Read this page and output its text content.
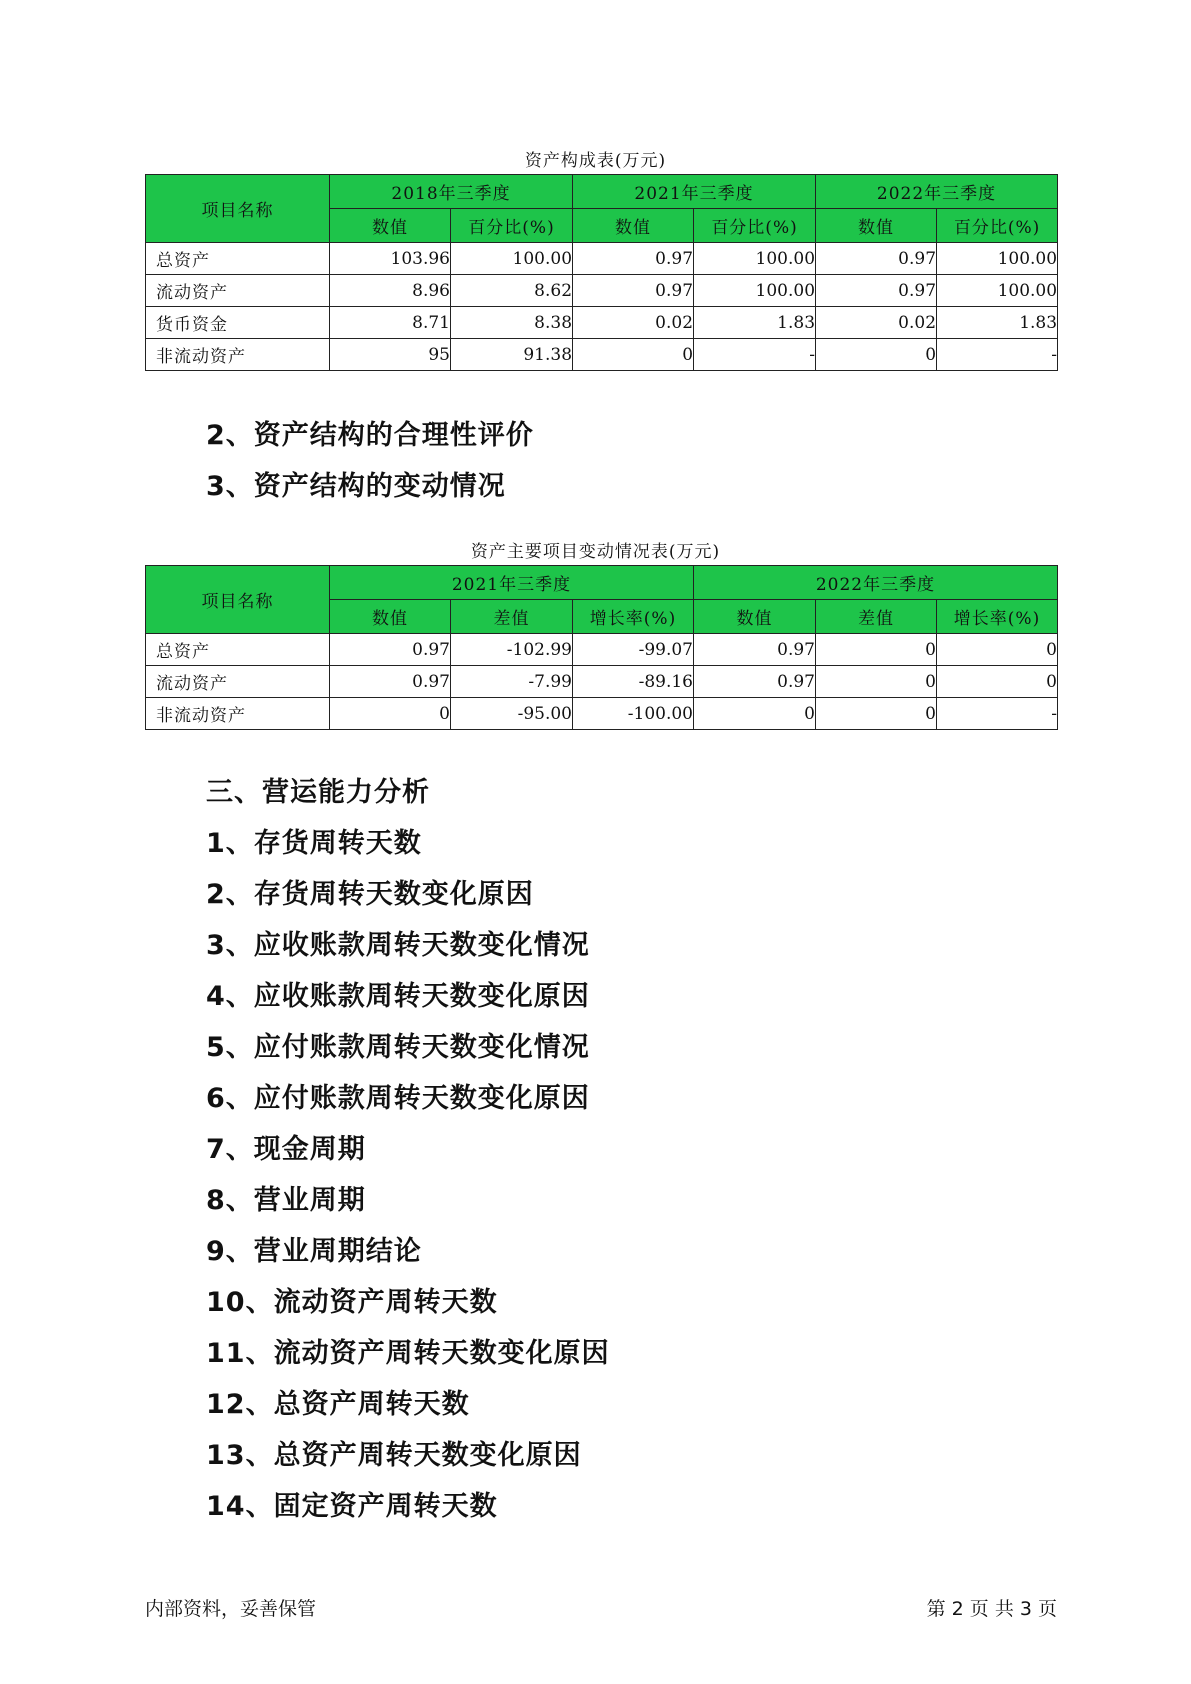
资产构成表(万元)
项目名称	2018年三季度		2021年三季度		2022年三季度	
	数值	百分比(%)	数值	百分比(%)	数值	百分比(%)
总资产	103.96	100.00	0.97	100.00	0.97	100.00
流动资产	8.96	8.62	0.97	100.00	0.97	100.00
货币资金	8.71	8.38	0.02	1.83	0.02	1.83
非流动资产	95	91.38	0	-	0	-
2、资产结构的合理性评价
3、资产结构的变动情况
资产主要项目变动情况表(万元)
项目名称	2021年三季度			2022年三季度		
	数值	差值	增长率(%)	数值	差值	增长率(%)
总资产	0.97	-102.99	-99.07	0.97	0	0
流动资产	0.97	-7.99	-89.16	0.97	0	0
非流动资产	0	-95.00	-100.00	0	0	-
三、营运能力分析
1、存货周转天数
2、存货周转天数变化原因
3、应收账款周转天数变化情况
4、应收账款周转天数变化原因
5、应付账款周转天数变化情况
6、应付账款周转天数变化原因
7、现金周期
8、营业周期
9、营业周期结论
10、流动资产周转天数
11、流动资产周转天数变化原因
12、总资产周转天数
13、总资产周转天数变化原因
14、固定资产周转天数
内部资料，妥善保管	第 2 页 共 3 页
